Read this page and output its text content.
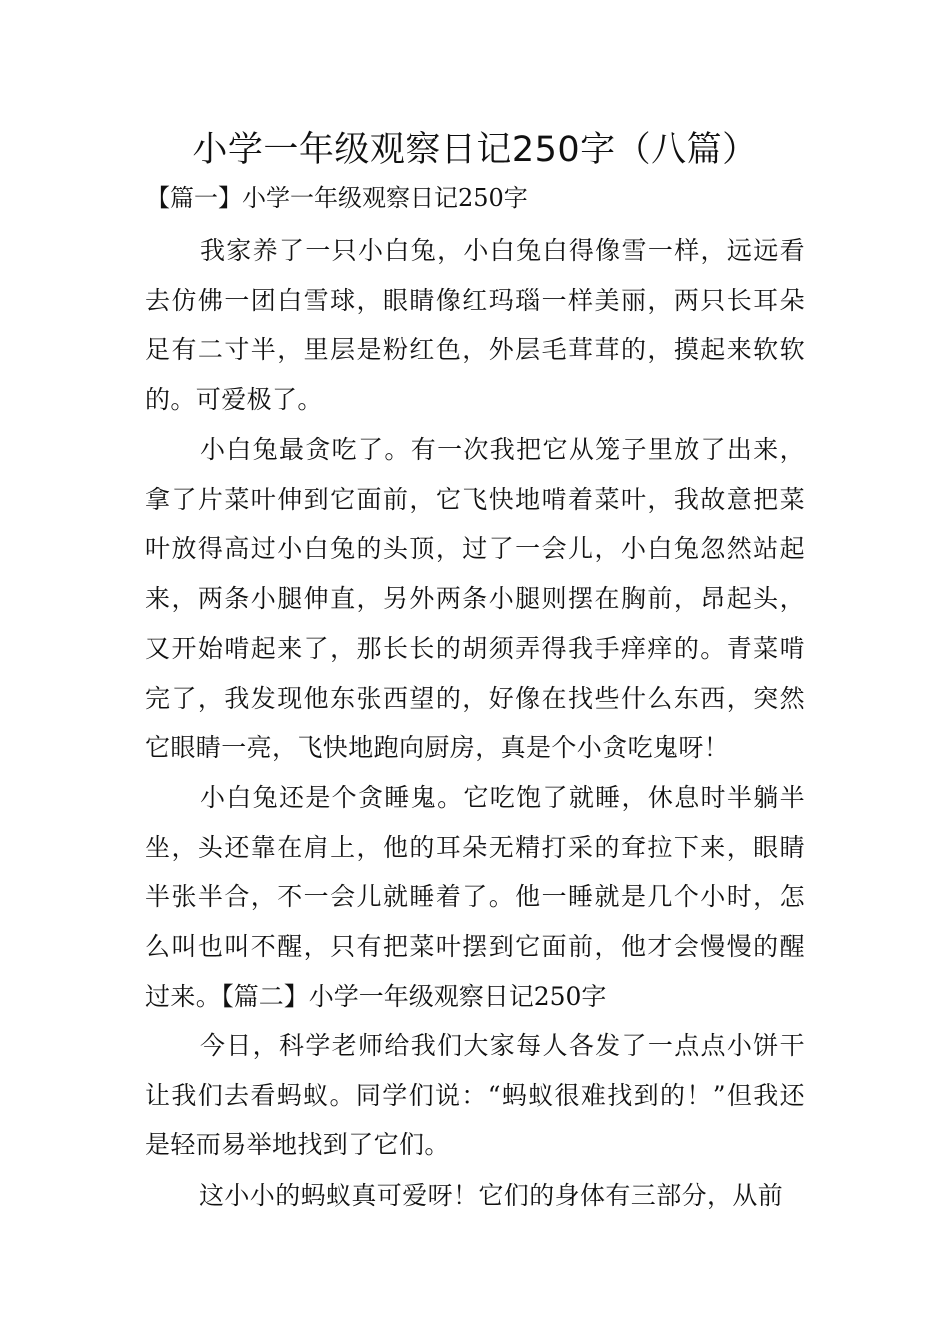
小学一年级观察日记250字（八篇）
【篇一】小学一年级观察日记250字
我家养了一只小白兔，小白兔白得像雪一样，远远看去仿佛一团白雪球，眼睛像红玛瑙一样美丽，两只长耳朵足有二寸半，里层是粉红色，外层毛茸茸的，摸起来软软的。可爱极了。
小白兔最贪吃了。有一次我把它从笼子里放了出来，拿了片菜叶伸到它面前，它飞快地啃着菜叶，我故意把菜叶放得高过小白兔的头顶，过了一会儿，小白兔忽然站起来，两条小腿伸直，另外两条小腿则摆在胸前，昂起头，又开始啃起来了，那长长的胡须弄得我手痒痒的。青菜啃完了，我发现他东张西望的，好像在找些什么东西，突然它眼睛一亮，飞快地跑向厨房，真是个小贪吃鬼呀！
小白兔还是个贪睡鬼。它吃饱了就睡，休息时半躺半坐，头还靠在肩上，他的耳朵无精打采的耷拉下来，眼睛半张半合，不一会儿就睡着了。他一睡就是几个小时，怎么叫也叫不醒，只有把菜叶摆到它面前，他才会慢慢的醒过来。【篇二】小学一年级观察日记250字
今日，科学老师给我们大家每人各发了一点点小饼干让我们去看蚂蚁。同学们说：“蚂蚁很难找到的！”但我还是轻而易举地找到了它们。
这小小的蚂蚁真可爱呀！它们的身体有三部分，从前
